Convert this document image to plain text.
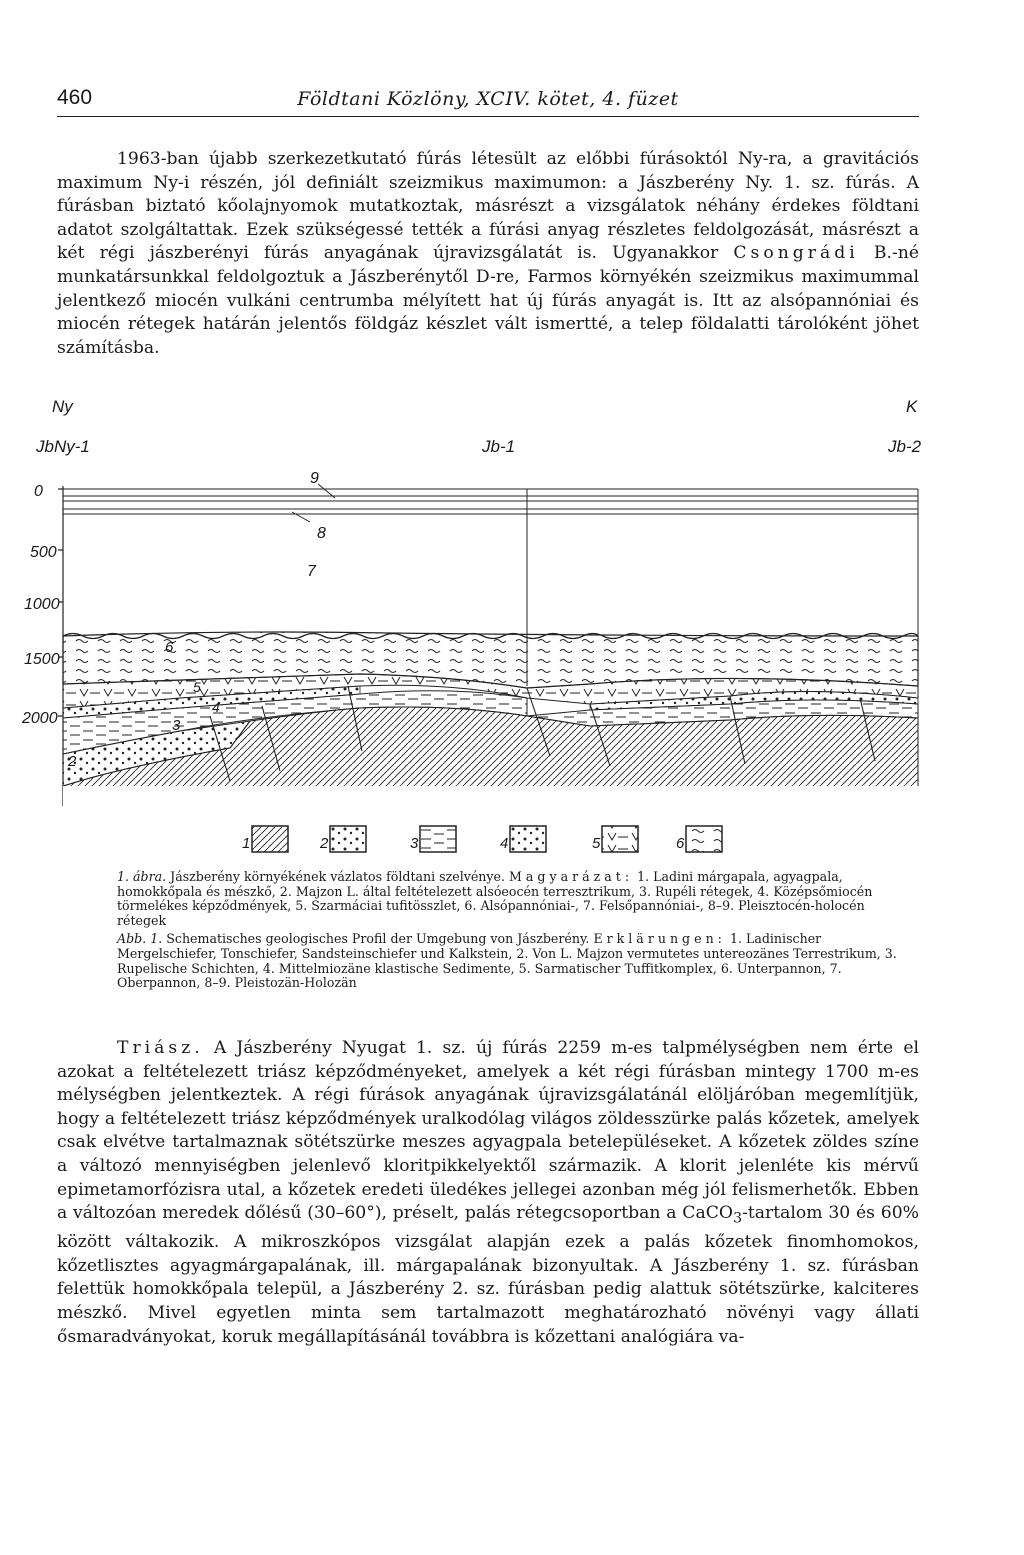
460	Földtani Közlöny, XCIV. kötet, 4. füzet

1963-ban újabb szerkezetkutató fúrás létesült az előbbi fúrásoktól Ny-ra, a gravitációs maximum Ny-i részén, jól definiált szeizmikus maximumon: a Jászberény Ny. 1. sz. fúrás. A fúrásban biztató kőolajnyomok mutatkoztak, másrészt a vizsgálatok néhány érdekes földtani adatot szolgáltattak. Ezek szükségessé tették a fúrási anyag részletes feldolgozását, másrészt a két régi jászberényi fúrás anyagának újravizsgálatát is. Ugyanakkor Csongrádi B.-né munkatársunkkal feldolgoztuk a Jászberénytől D-re, Farmos környékén szeizmikus maximummal jelentkező miocén vulkáni centrumba mélyített hat új fúrás anyagát is. Itt az alsópannóniai és miocén rétegek határán jelentős földgáz készlet vált ismertté, a telep földalatti tárolóként jöhet számításba.

Ny	K
JbNy-1	Jb-1	Jb-2
0
500
1000
1500
2000
9
8
7
6
5
3
2
1	2	3	4	5	6

1. ábra. Jászberény környékének vázlatos földtani szelvénye. Magyarázat: 1. Ladini márgapala, agyagpala, homokkőpala és mészkő, 2. Majzon L. által feltételezett alsóeocén terresztrikum, 3. Rupéli rétegek, 4. Középsőmiocén törmelékes képződmények, 5. Szarmáciai tufitösszlet, 6. Alsópannóniai-, 7. Felsőpannóniai-, 8–9. Pleisztocén-holocén rétegek

Abb. 1. Schematisches geologisches Profil der Umgebung von Jászberény. Erklärungen: 1. Ladinischer Mergelschiefer, Tonschiefer, Sandsteinschiefer und Kalkstein, 2. Von L. Majzon vermutetes untereozänes Terrestrikum, 3. Rupelische Schichten, 4. Mittelmiozäne klastische Sedimente, 5. Sarmatischer Tuffitkomplex, 6. Unterpannon, 7. Oberpannon, 8–9. Pleistozän-Holozän

Triász. A Jászberény Nyugat 1. sz. új fúrás 2259 m-es talpmélységben nem érte el azokat a feltételezett triász képződményeket, amelyek a két régi fúrásban mintegy 1700 m-es mélységben jelentkeztek. A régi fúrások anyagának újravizsgálatánál elöljáróban megemlítjük, hogy a feltételezett triász képződmények uralkodólag világos zöldesszürke palás kőzetek, amelyek csak elvétve tartalmaznak sötétszürke meszes agyagpala betelepüléseket. A kőzetek zöldes színe a változó mennyiségben jelenlevő kloritpikkelyektől származik. A klorit jelenléte kis mérvű epimetamorfózisra utal, a kőzetek eredeti üledékes jellegei azonban még jól felismerhetők. Ebben a változóan meredek dőlésű (30–60°), préselt, palás rétegcsoportban a CaCO$_3$-tartalom 30 és 60% között váltakozik. A mikroszkópos vizsgálat alapján ezek a palás kőzetek finomhomokos, kőzetlisztes agyagmárgapalának, ill. márgapalának bizonyultak. A Jászberény 1. sz. fúrásban felettük homokkőpala települ, a Jászberény 2. sz. fúrásban pedig alattuk sötétszürke, kalciteres mészkő. Mivel egyetlen minta sem tartalmazott meghatározható növényi vagy állati ősmaradványokat, koruk megállapításánál továbbra is kőzettani analógiára va-
